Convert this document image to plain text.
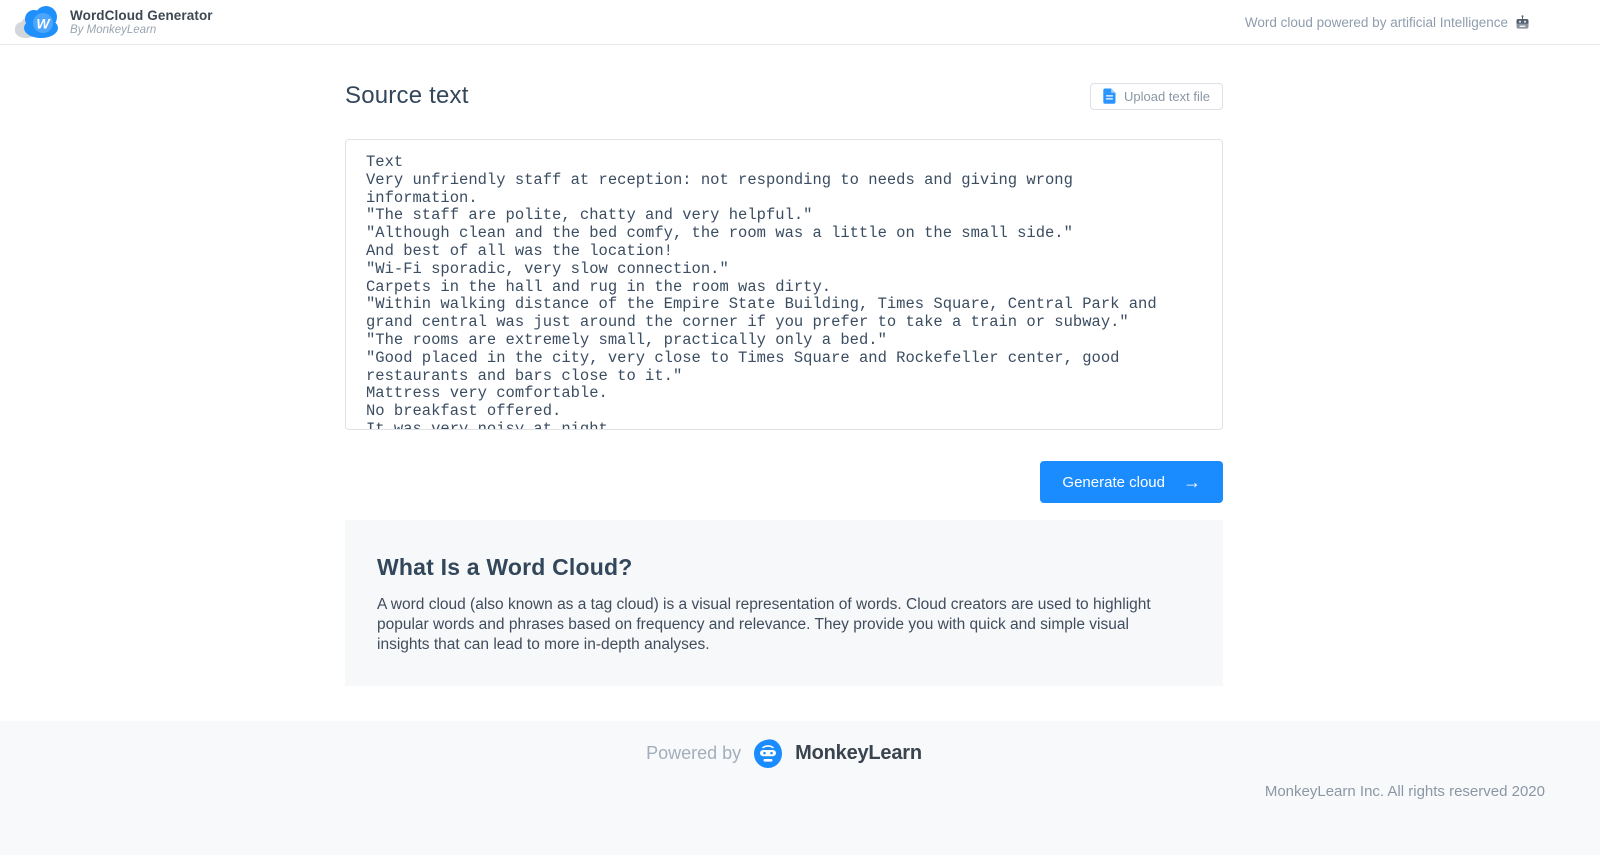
W WordCloud Generator
By MonkeyLearn
Word cloud powered by artificial Intelligence
Source text	Upload text file
Text Very unfriendly staff at reception: not responding to needs and giving wrong information. "The staff are polite, chatty and very helpful." "Although clean and the bed comfy, the room was a little on the small side." And best of all was the location! "Wi-Fi sporadic, very slow connection." Carpets in the hall and rug in the room was dirty. "Within walking distance of the Empire State Building, Times Square, Central Park and grand central was just around the corner if you prefer to take a train or subway." "The rooms are extremely small, practically only a bed." "Good placed in the city, very close to Times Square and Rockefeller center, good restaurants and bars close to it." Mattress very comfortable. No breakfast offered. It was very noisy at night.
Generate cloud →
What Is a Word Cloud?

A word cloud (also known as a tag cloud) is a visual representation of words. Cloud creators are used to highlight popular words and phrases based on frequency and relevance. They provide you with quick and simple visual insights that can lead to more in-depth analyses.

Powered by	MonkeyLearn
MonkeyLearn Inc. All rights reserved 2020
